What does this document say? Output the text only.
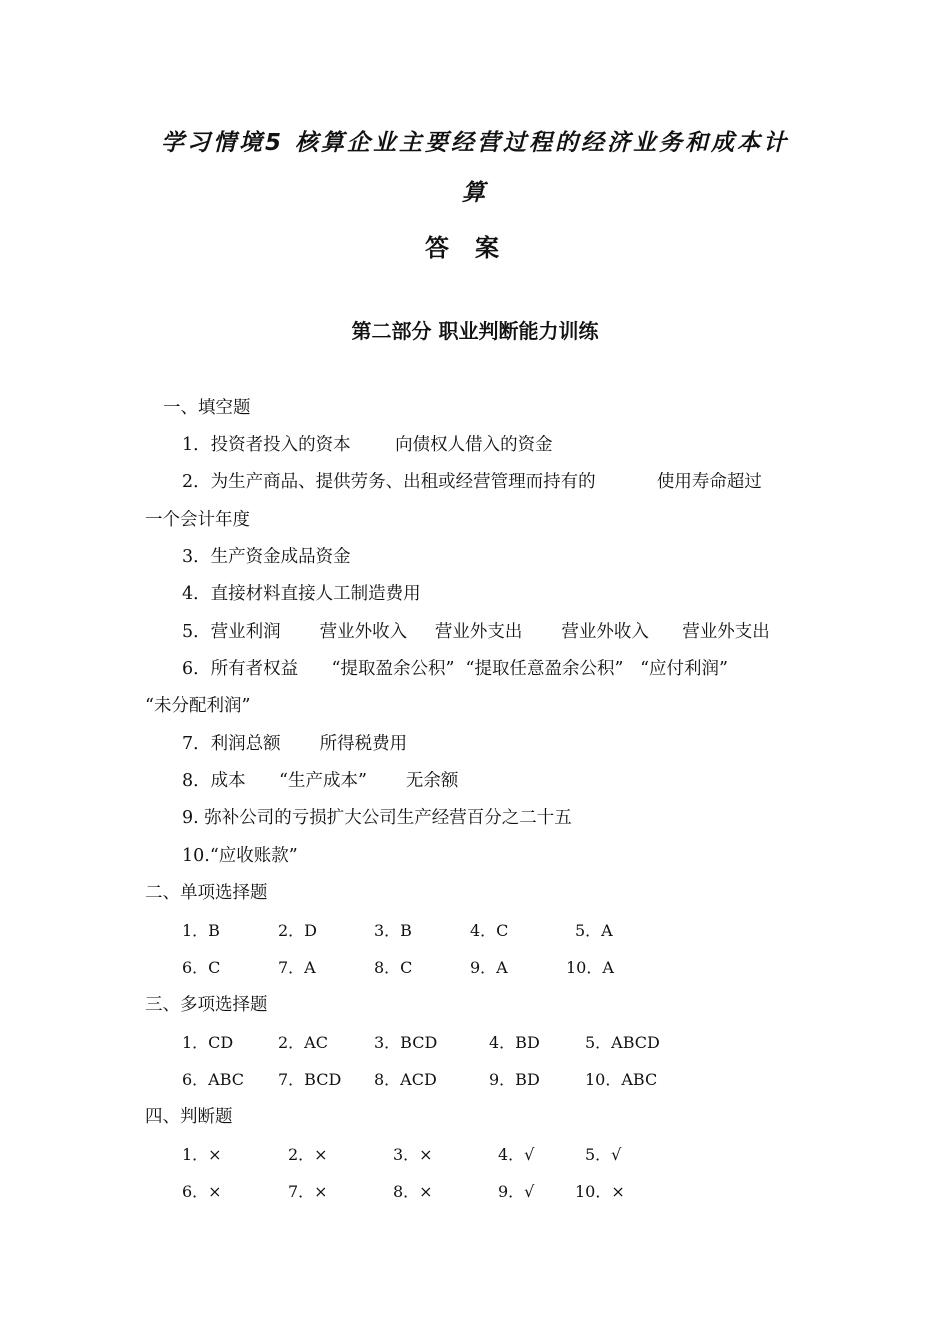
学习情境5 核算企业主要经营过程的经济业务和成本计
算
答案
第二部分 职业判断能力训练
一、填空题
1．投资者投入的资本        向债权人借入的资金
2．为生产商品、提供劳务、出租或经营管理而持有的           使用寿命超过
一个会计年度
3．生产资金成品资金
4．直接材料直接人工制造费用
5．营业利润       营业外收入     营业外支出       营业外收入      营业外支出
6．所有者权益      “提取盈余公积”  “提取任意盈余公积”   “应付利润”
“未分配利润”
7．利润总额       所得税费用
8．成本      “生产成本”       无余额
9. 弥补公司的亏损扩大公司生产经营百分之二十五
10.“应收账款”
二、单项选择题
1．B	2．D	3．B	4．C	5．A
6．C	7．A	8．C	9．A	10．A
三、多项选择题
1．CD	2．AC	3．BCD	4．BD	5．ABCD
6．ABC 7．BCD 8．ACD	9．BD	10．ABC
四、判断题
1．×	2．×	3．×	4．√	5．√
6．×	7．×	8．×	9．√	10．×
